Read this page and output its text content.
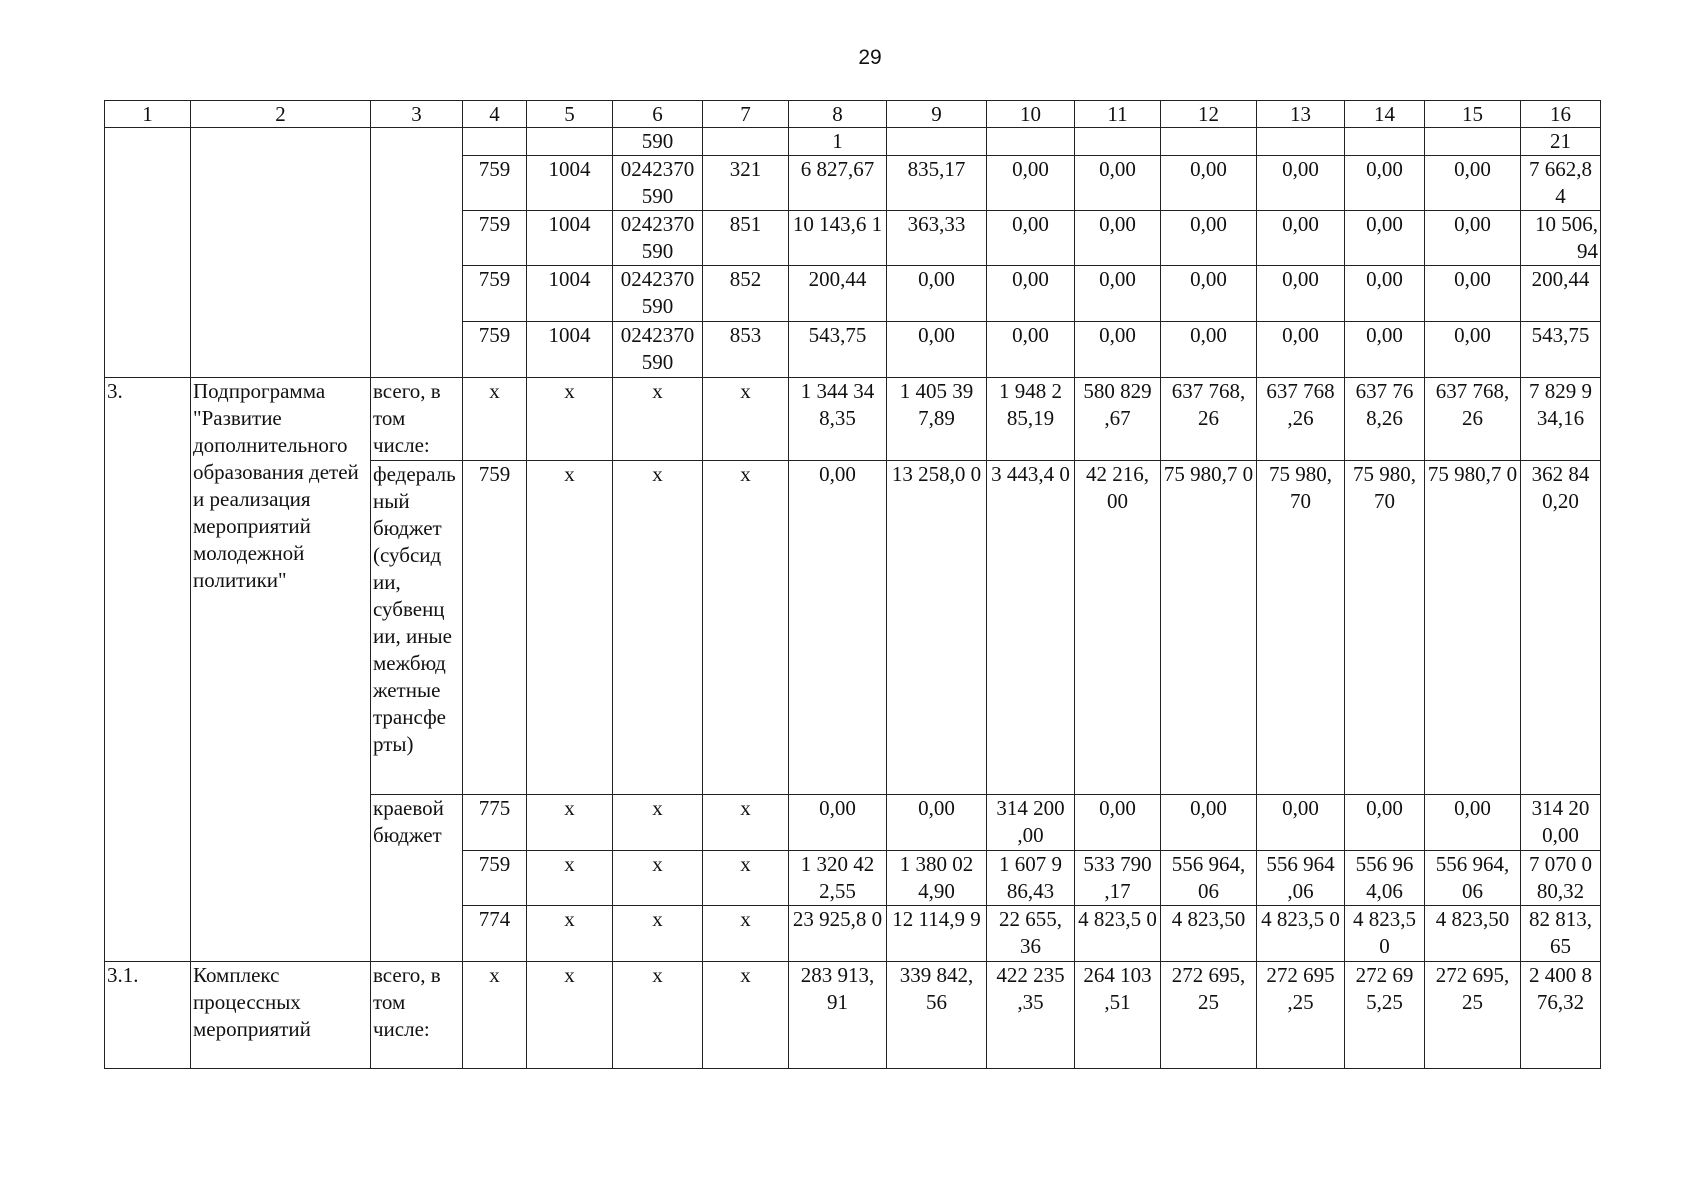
29
1	2	3	4	5	6	7	8	9	10	11	12	13	14	15	16
					590		1								21
			759	1004	0242370 590	321	6 827,67	835,17	0,00	0,00	0,00	0,00	0,00	0,00	7 662,8 4
			759	1004	0242370 590	851	10 143,6 1	363,33	0,00	0,00	0,00	0,00	0,00	0,00	10 506, 94
			759	1004	0242370 590	852	200,44	0,00	0,00	0,00	0,00	0,00	0,00	0,00	200,44
			759	1004	0242370 590	853	543,75	0,00	0,00	0,00	0,00	0,00	0,00	0,00	543,75
3.	Подпрограмма "Развитие дополнительного образования детей и реализация мероприятий молодежной политики"	всего, в том числе:	х	х	х	х	1 344 34 8,35	1 405 39 7,89	1 948 2 85,19	580 829 ,67	637 768, 26	637 768 ,26	637 76 8,26	637 768, 26	7 829 9 34,16
		федераль ный бюджет (субсид ии, субвенц ии, иные межбюд жетные трансфе рты)	759	х	х	х	0,00	13 258,0 0	3 443,4 0	42 216, 00	75 980,7 0	75 980, 70	75 980, 70	75 980,7 0	362 84 0,20
		краевой бюджет	775	х	х	х	0,00	0,00	314 200 ,00	0,00	0,00	0,00	0,00	0,00	314 20 0,00
			759	х	х	х	1 320 42 2,55	1 380 02 4,90	1 607 9 86,43	533 790 ,17	556 964, 06	556 964 ,06	556 96 4,06	556 964, 06	7 070 0 80,32
			774	х	х	х	23 925,8 0	12 114,9 9	22 655, 36	4 823,5 0	4 823,50	4 823,5 0	4 823,5 0	4 823,50	82 813, 65
3.1.	Комплекс процессных мероприятий	всего, в том числе:	х	х	х	х	283 913, 91	339 842, 56	422 235 ,35	264 103 ,51	272 695, 25	272 695 ,25	272 69 5,25	272 695, 25	2 400 8 76,32
